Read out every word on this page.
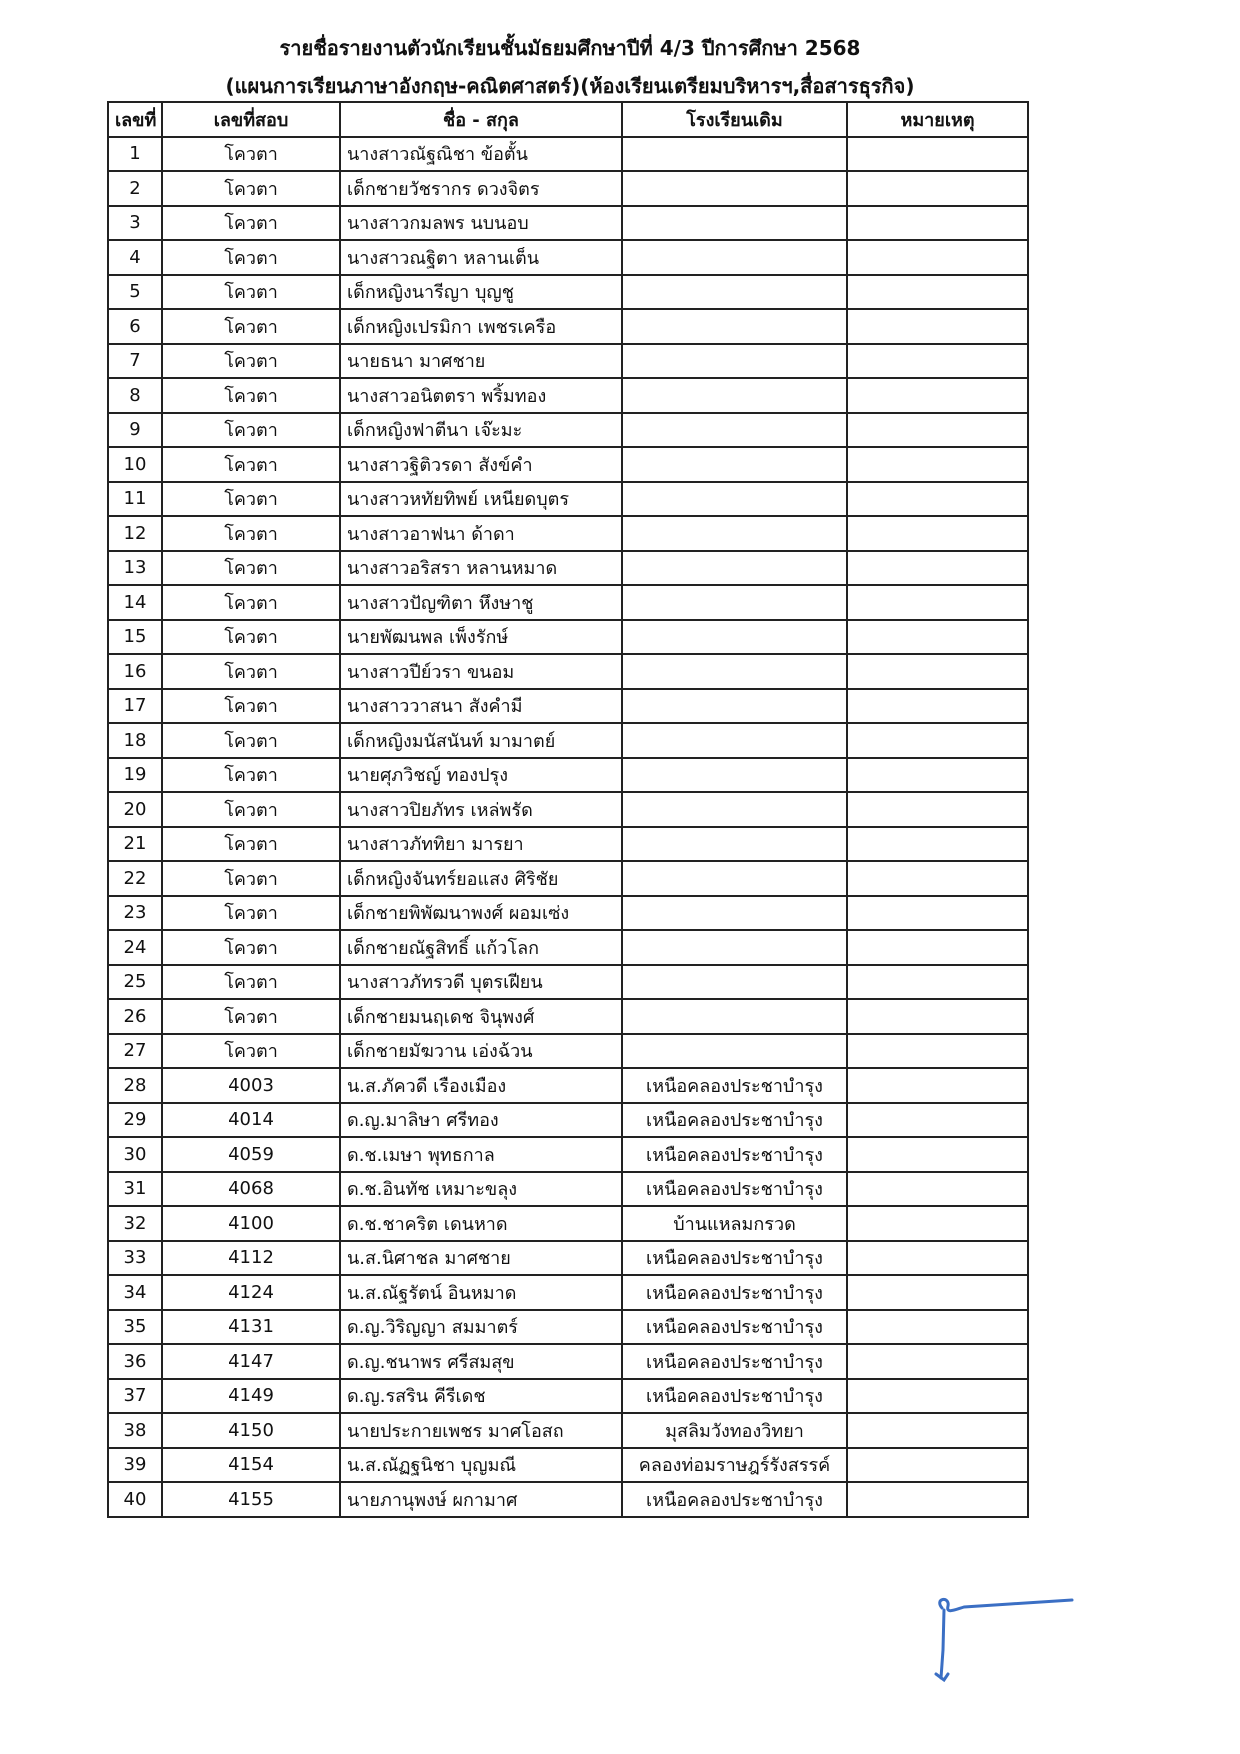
รายชื่อรายงานตัวนักเรียนชั้นมัธยมศึกษาปีที่ 4/3 ปีการศึกษา 2568
(แผนการเรียนภาษาอังกฤษ-คณิตศาสตร์)(ห้องเรียนเตรียมบริหารฯ,สื่อสารธุรกิจ)
เลขที่	เลขที่สอบ	ชื่อ - สกุล	โรงเรียนเดิม	หมายเหตุ
1	โควตา	นางสาวณัฐณิชา ข้อตั้น		
2	โควตา	เด็กชายวัชรากร ดวงจิตร		
3	โควตา	นางสาวกมลพร นบนอบ		
4	โควตา	นางสาวณฐิตา หลานเต็น		
5	โควตา	เด็กหญิงนารีญา บุญชู		
6	โควตา	เด็กหญิงเปรมิกา เพชรเครือ		
7	โควตา	นายธนา มาศชาย		
8	โควตา	นางสาวอนิตตรา พริ้มทอง		
9	โควตา	เด็กหญิงฟาตีนา เจ๊ะมะ		
10	โควตา	นางสาวฐิติวรดา สังข์คำ		
11	โควตา	นางสาวหทัยทิพย์ เหนียดบุตร		
12	โควตา	นางสาวอาฟนา ด้าดา		
13	โควตา	นางสาวอริสรา หลานหมาด		
14	โควตา	นางสาวปัญฑิตา หึงษาชู		
15	โควตา	นายพัฒนพล เพ็งรักษ์		
16	โควตา	นางสาวปีย์วรา ขนอม		
17	โควตา	นางสาววาสนา สังคำมี		
18	โควตา	เด็กหญิงมนัสนันท์ มามาตย์		
19	โควตา	นายศุภวิชญ์ ทองปรุง		
20	โควตา	นางสาวปิยภัทร เหล่พรัด		
21	โควตา	นางสาวภัททิยา มารยา		
22	โควตา	เด็กหญิงจันทร์ยอแสง ศิริชัย		
23	โควตา	เด็กชายพิพัฒนาพงศ์ ผอมเซ่ง		
24	โควตา	เด็กชายณัฐสิทธิ์ แก้วโลก		
25	โควตา	นางสาวภัทรวดี บุตรเฝียน		
26	โควตา	เด็กชายมนฤเดช จินุพงศ์		
27	โควตา	เด็กชายมัฆวาน เอ่งฉ้วน		
28	4003	น.ส.ภัควดี เรืองเมือง	เหนือคลองประชาบำรุง	
29	4014	ด.ญ.มาลิษา ศรีทอง	เหนือคลองประชาบำรุง	
30	4059	ด.ช.เมษา พุทธกาล	เหนือคลองประชาบำรุง	
31	4068	ด.ช.อินทัช เหมาะขลุง	เหนือคลองประชาบำรุง	
32	4100	ด.ช.ชาคริต เดนหาด	บ้านแหลมกรวด	
33	4112	น.ส.นิศาชล มาศชาย	เหนือคลองประชาบำรุง	
34	4124	น.ส.ณัฐรัตน์ อินหมาด	เหนือคลองประชาบำรุง	
35	4131	ด.ญ.วิริญญา สมมาตร์	เหนือคลองประชาบำรุง	
36	4147	ด.ญ.ชนาพร ศรีสมสุข	เหนือคลองประชาบำรุง	
37	4149	ด.ญ.รสริน คีรีเดช	เหนือคลองประชาบำรุง	
38	4150	นายประกายเพชร มาศโอสถ	มุสลิมวังทองวิทยา	
39	4154	น.ส.ณัฏฐนิชา บุญมณี	คลองท่อมราษฎร์รังสรรค์	
40	4155	นายภานุพงษ์ ผกามาศ	เหนือคลองประชาบำรุง	
